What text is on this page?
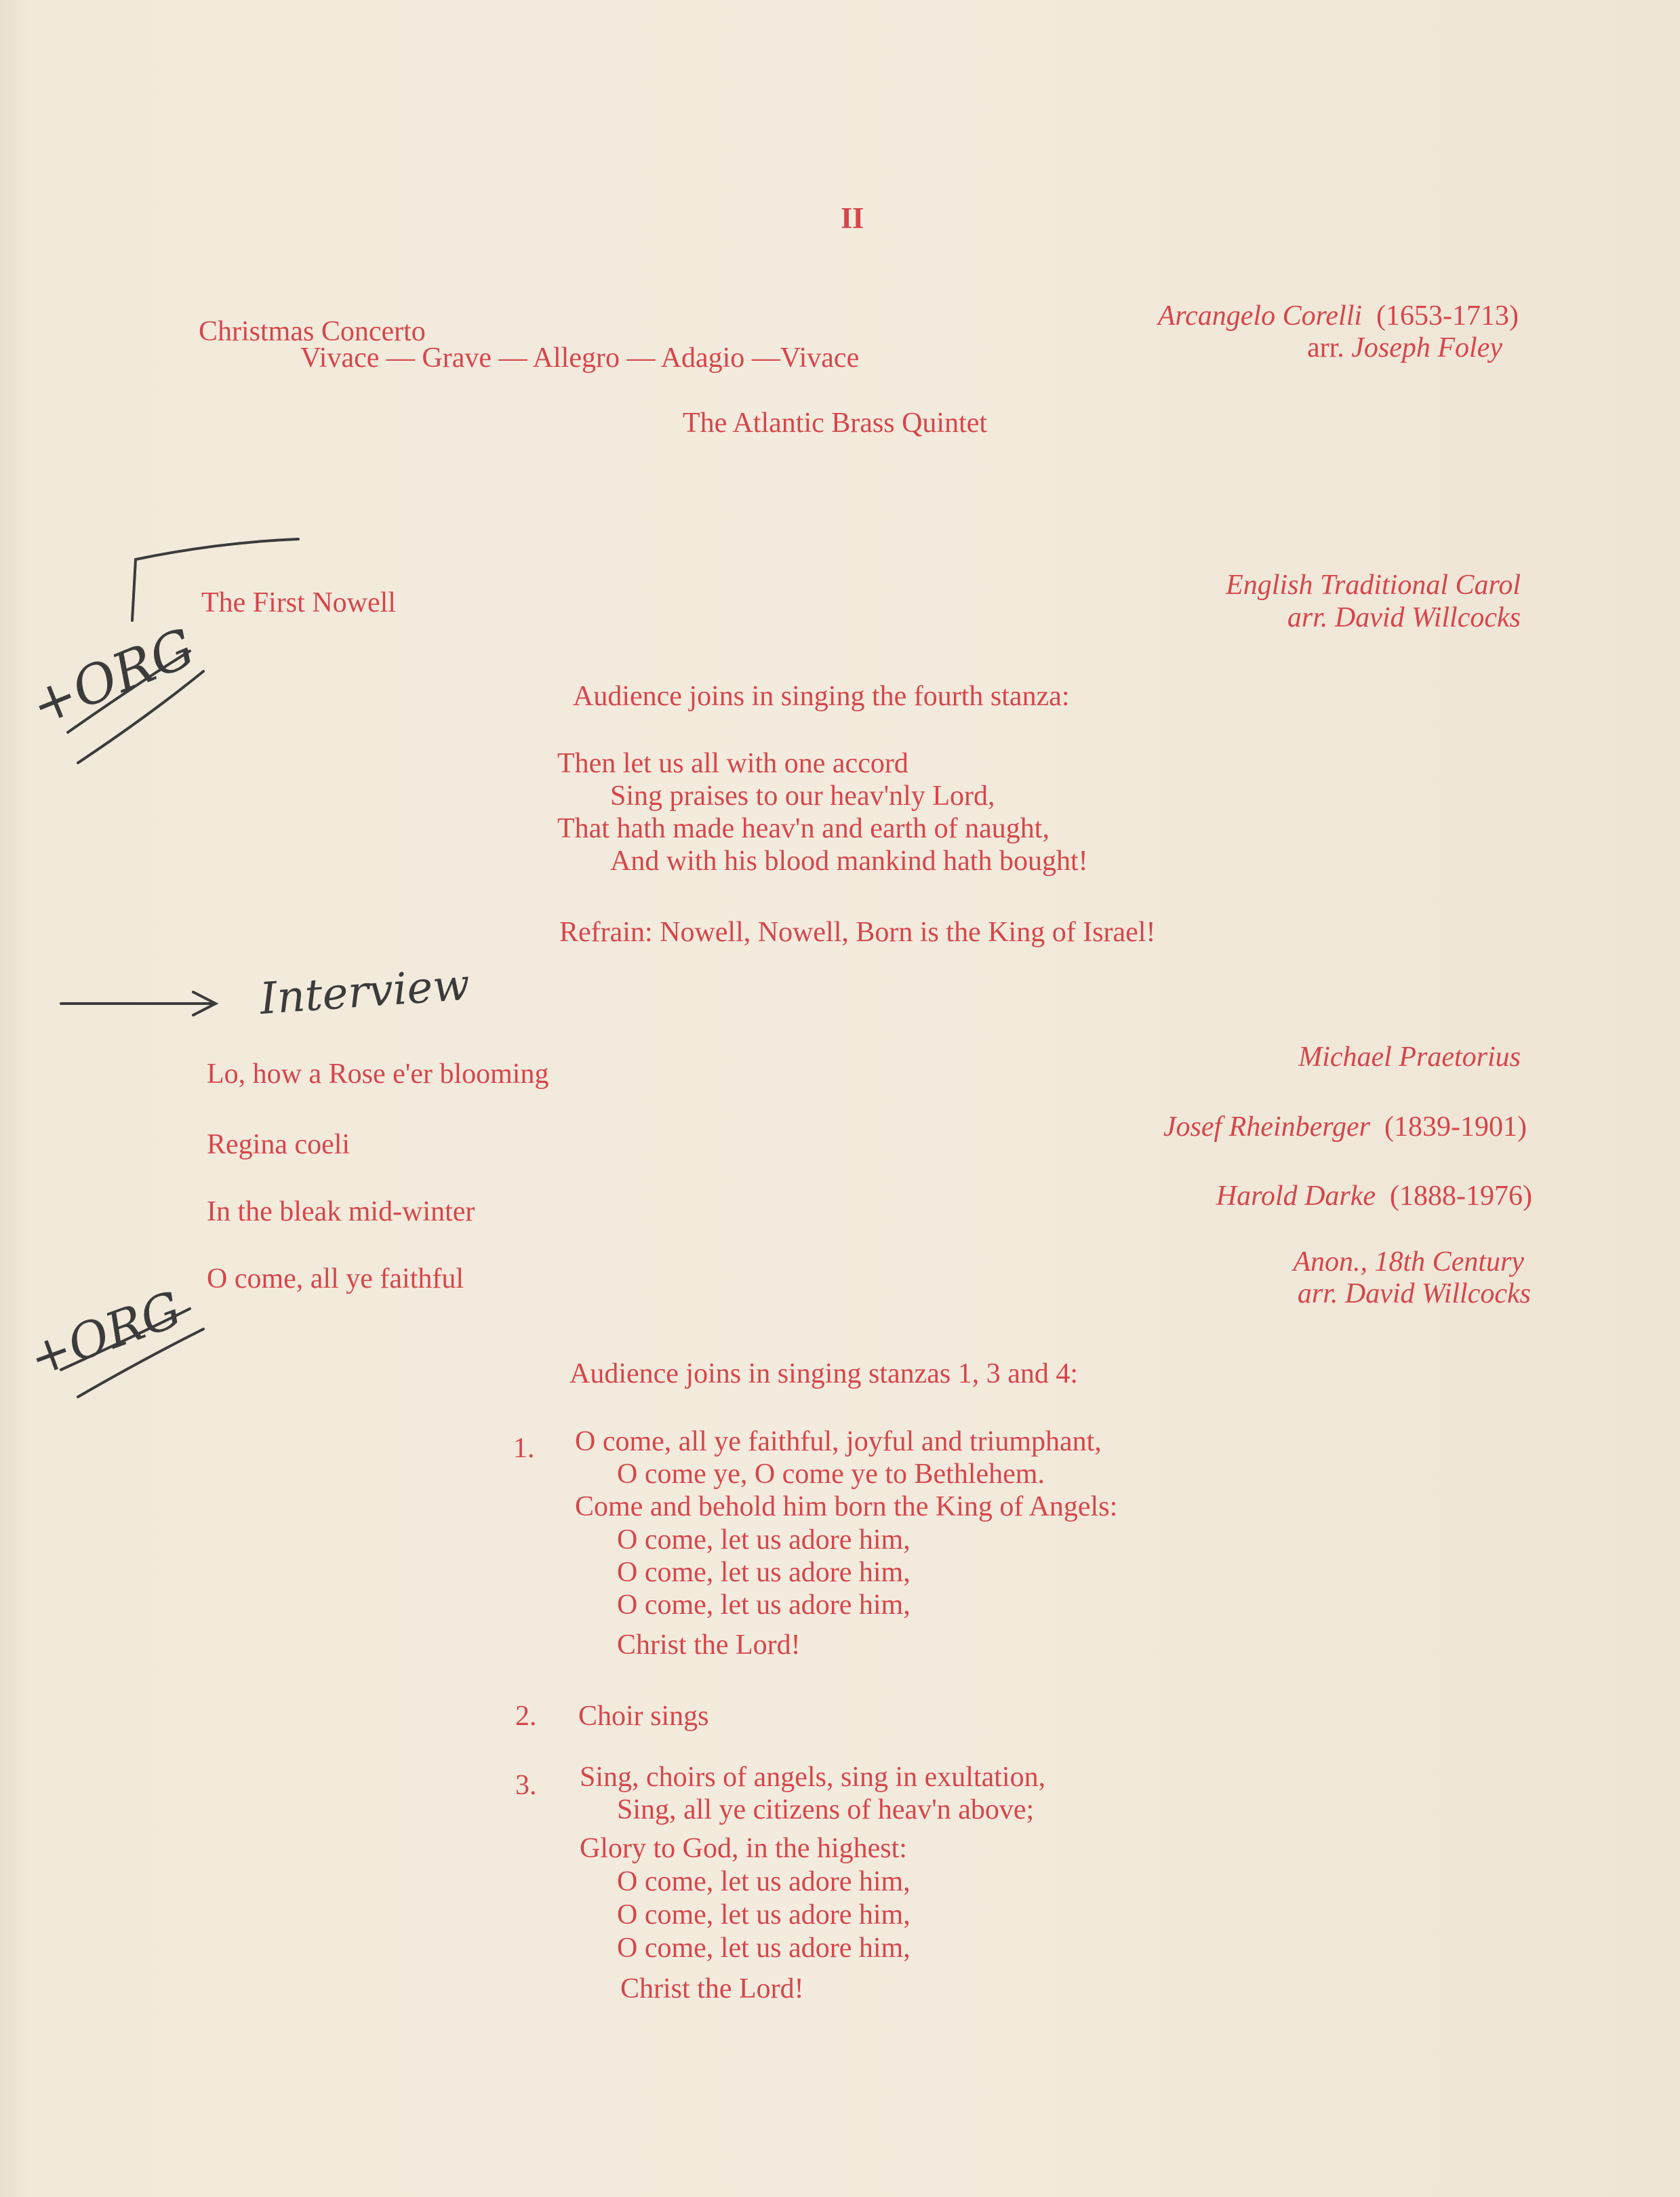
II
Christmas Concerto
Vivace — Grave — Allegro — Adagio —Vivace
Arcangelo Corelli (1653-1713)
arr. Joseph Foley
The Atlantic Brass Quintet
The First Nowell
English Traditional Carol
arr. David Willcocks
Audience joins in singing the fourth stanza:
Then let us all with one accord
Sing praises to our heav'nly Lord,
That hath made heav'n and earth of naught,
And with his blood mankind hath bought!
Refrain: Nowell, Nowell, Born is the King of Israel!
Lo, how a Rose e'er blooming
Michael Praetorius
Regina coeli
Josef Rheinberger (1839-1901)
In the bleak mid-winter	Harold Darke (1888-1976)
O come, all ye faithful
Anon., 18th Century
arr. David Willcocks
Audience joins in singing stanzas 1, 3 and 4:
1. O come, all ye faithful, joyful and triumphant,
O come ye, O come ye to Bethlehem.
Come and behold him born the King of Angels:
O come, let us adore him,
O come, let us adore him,
O come, let us adore him,
Christ the Lord!
2. Choir sings
3. Sing, choirs of angels, sing in exultation,
Sing, all ye citizens of heav'n above;
Glory to God, in the highest:
O come, let us adore him,
O come, let us adore him,
O come, let us adore him,
Christ the Lord!
+ORG
Interview
+ORG
